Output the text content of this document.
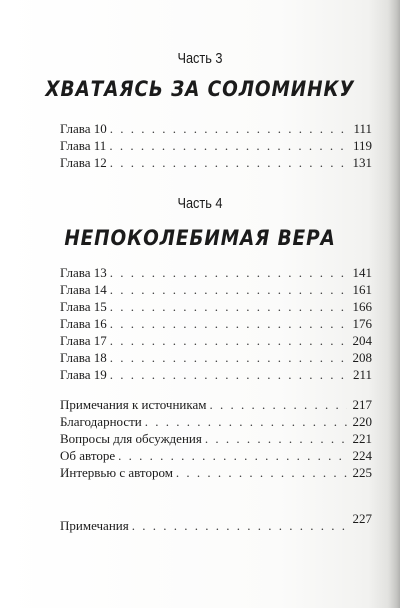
Часть 3
ХВАТАЯСЬ ЗА СОЛОМИНКУ
Глава 10 . . .	111
Глава 11 . . .	119
Глава 12 . . .	131
Часть 4
НЕПОКОЛЕБИМАЯ ВЕРА
Глава 13 . . .	141
Глава 14 . . .	161
Глава 15 . . .	166
Глава 16 . . .	176
Глава 17 . . .	204
Глава 18 . . .	208
Глава 19 . . .	211
Примечания к источникам . . .	217
Благодарности . . .	220
Вопросы для обсуждения . . .	221
Об авторе . . .	224
Интервью с автором . . .	225
Примечания . . .	227
